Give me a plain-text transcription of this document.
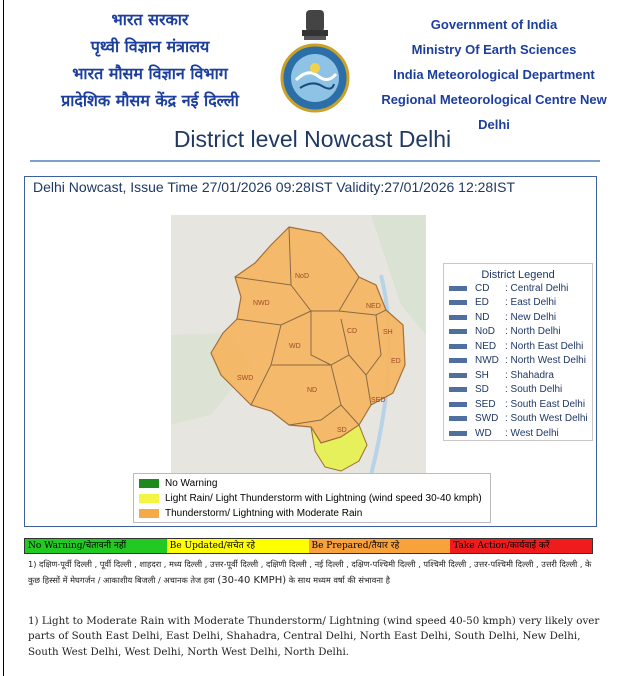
भारत सरकार
पृथ्वी विज्ञान मंत्रालय
भारत मौसम विज्ञान विभाग
प्रादेशिक मौसम केंद्र नई दिल्ली
Government of India
Ministry Of Earth Sciences
India Meteorological Department
Regional Meteorological Centre New Delhi
District level Nowcast Delhi
Delhi Nowcast, Issue Time 27/01/2026 09:28IST Validity:27/01/2026 12:28IST
NoD
NWD	NED
CD	SH
WD
ED
SWD
ND
SED
SD
District Legend
CD	: Central Delhi
ED	: East Delhi
ND	: New Delhi
NoD : North Delhi
NED : North East Delhi
NWD : North West Delhi
SH	: Shahadra
SD	: South Delhi
SED : South East Delhi
SWD : South West Delhi
WD	: West Delhi
No Warning
Light Rain/ Light Thunderstorm with Lightning (wind speed 30-40 kmph)
Thunderstorm/ Lightning with Moderate Rain
No Warning/चेतावनी नहीं	Be Updated/सचेत रहे	Be Prepared/तैयार रहे	Take Action/कार्यवाई करें
1) दक्षिण-पूर्वी दिल्ली , पूर्वी दिल्ली , शाहदरा , मध्य दिल्ली , उत्तर-पूर्वी दिल्ली , दक्षिणी दिल्ली , नई दिल्ली , दक्षिण-पश्चिमी दिल्ली , पश्चिमी दिल्ली , उत्तर-पश्चिमी दिल्ली , उत्तरी दिल्ली , के कुछ हिस्सों में मेघगर्जन / आकाशीय बिजली / अचानक तेज हवा (30-40 KMPH) के साथ मध्यम वर्षा की संभावना है
1) Light to Moderate Rain with Moderate Thunderstorm/ Lightning (wind speed 40-50 kmph) very likely over parts of South East Delhi, East Delhi, Shahadra, Central Delhi, North East Delhi, South Delhi, New Delhi, South West Delhi, West Delhi, North West Delhi, North Delhi.
